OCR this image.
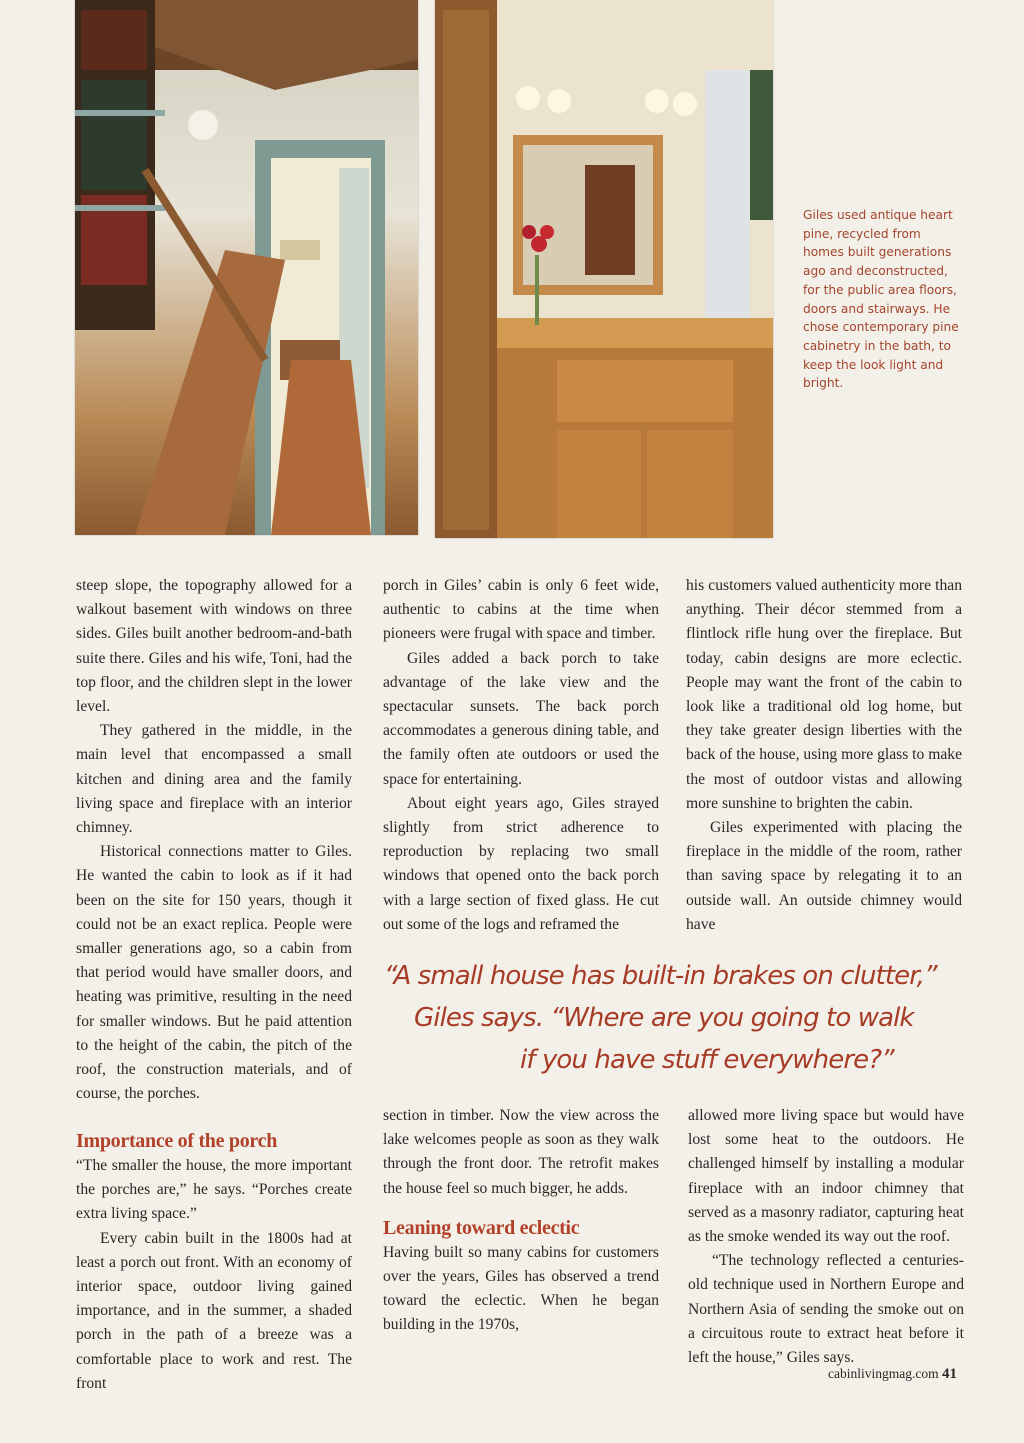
Giles used antique heart pine, recycled from homes built generations ago and deconstructed, for the public area floors, doors and stairways. He chose contemporary pine cabinetry in the bath, to keep the look light and bright.

steep slope, the topography allowed for a walkout basement with windows on three sides. Giles built another bedroom-and-bath suite there. Giles and his wife, Toni, had the top floor, and the children slept in the lower level.

They gathered in the middle, in the main level that encompassed a small kitchen and dining area and the family living space and fireplace with an interior chimney.

Historical connections matter to Giles. He wanted the cabin to look as if it had been on the site for 150 years, though it could not be an exact replica. People were smaller generations ago, so a cabin from that period would have smaller doors, and heating was primitive, resulting in the need for smaller windows. But he paid attention to the height of the cabin, the pitch of the roof, the construction materials, and of course, the porches.

Importance of the porch

“The smaller the house, the more important the porches are,” he says. “Porches create extra living space.”

Every cabin built in the 1800s had at least a porch out front. With an economy of interior space, outdoor living gained importance, and in the summer, a shaded porch in the path of a breeze was a comfortable place to work and rest. The front

porch in Giles’ cabin is only 6 feet wide, authentic to cabins at the time when pioneers were frugal with space and timber.

Giles added a back porch to take advantage of the lake view and the spectacular sunsets. The back porch accommodates a generous dining table, and the family often ate outdoors or used the space for entertaining.

About eight years ago, Giles strayed slightly from strict adherence to reproduction by replacing two small windows that opened onto the back porch with a large section of fixed glass. He cut out some of the logs and reframed the

section in timber. Now the view across the lake welcomes people as soon as they walk through the front door. The retrofit makes the house feel so much bigger, he adds.

Leaning toward eclectic

Having built so many cabins for customers over the years, Giles has observed a trend toward the eclectic. When he began building in the 1970s,

his customers valued authenticity more than anything. Their décor stemmed from a flintlock rifle hung over the fireplace. But today, cabin designs are more eclectic. People may want the front of the cabin to look like a traditional old log home, but they take greater design liberties with the back of the house, using more glass to make the most of outdoor vistas and allowing more sunshine to brighten the cabin.

Giles experimented with placing the fireplace in the middle of the room, rather than saving space by relegating it to an outside wall. An outside chimney would have

allowed more living space but would have lost some heat to the outdoors. He challenged himself by installing a modular fireplace with an indoor chimney that served as a masonry radiator, capturing heat as the smoke wended its way out the roof.

“The technology reflected a centuries-old technique used in Northern Europe and Northern Asia of sending the smoke out on a circuitous route to extract heat before it left the house,” Giles says.

“A small house has built-in brakes on clutter,”
Giles says. “Where are you going to walk
if you have stuff everywhere?”
cabinlivingmag.com 41
